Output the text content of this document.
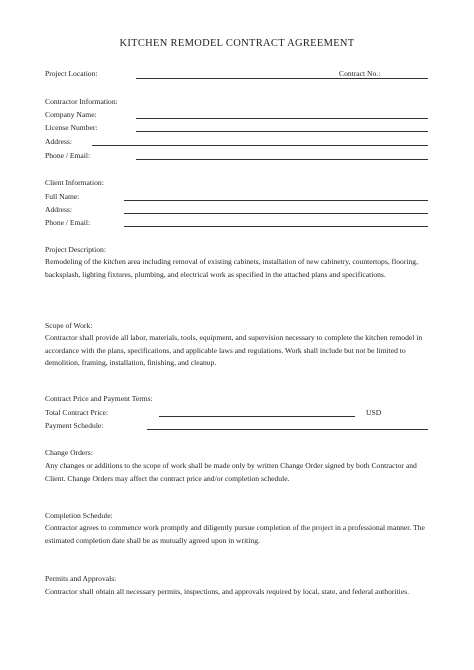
KITCHEN REMODEL CONTRACT AGREEMENT
Project Location:	Contract No.:
Contractor Information:
Company Name:
License Number:
Address:
Phone / Email:
Client Information:
Full Name:
Address:
Phone / Email:
Project Description:
Remodeling of the kitchen area including removal of existing cabinets, installation of new cabinetry, countertops, flooring, backsplash, lighting fixtures, plumbing, and electrical work as specified in the attached plans and specifications.
Scope of Work:
Contractor shall provide all labor, materials, tools, equipment, and supervision necessary to complete the kitchen remodel in accordance with the plans, specifications, and applicable laws and regulations. Work shall include but not be limited to demolition, framing, installation, finishing, and cleanup.
Contract Price and Payment Terms:
Total Contract Price:	USD
Payment Schedule:
Change Orders:
Any changes or additions to the scope of work shall be made only by written Change Order signed by both Contractor and Client. Change Orders may affect the contract price and/or completion schedule.
Completion Schedule:
Contractor agrees to commence work promptly and diligently pursue completion of the project in a professional manner. The estimated completion date shall be as mutually agreed upon in writing.
Permits and Approvals:
Contractor shall obtain all necessary permits, inspections, and approvals required by local, state, and federal authorities.
